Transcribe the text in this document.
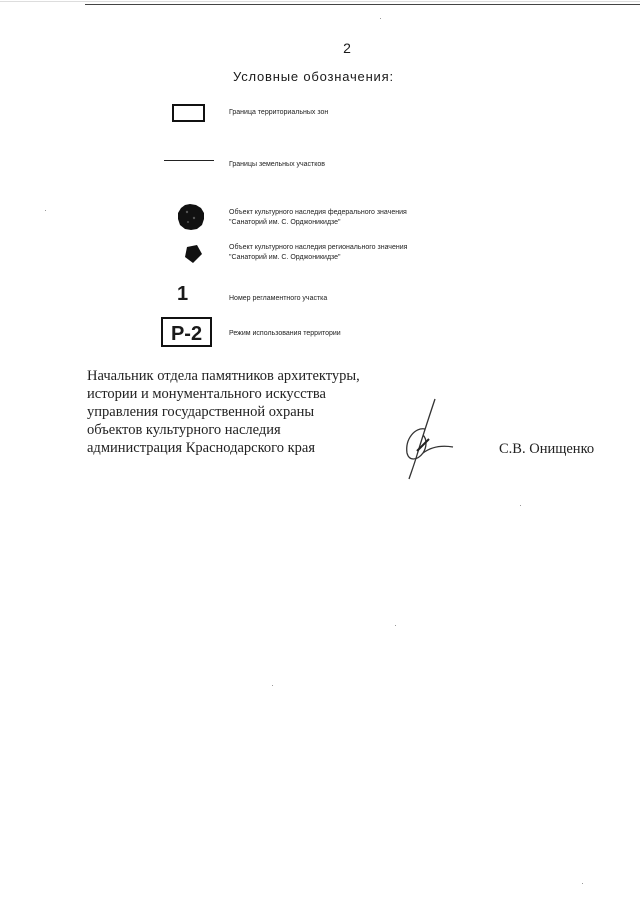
2
Условные обозначения:
Граница территориальных зон
Границы земельных участков
Объект культурного наследия федерального значения
"Санаторий им. С. Орджоникидзе"
Объект культурного наследия регионального значения
"Санаторий им. С. Орджоникидзе"
1	Номер регламентного участка
Р-2	Режим использования территории
Начальник отдела памятников архитектуры,
истории и монументального искусства
управления государственной охраны
объектов культурного наследия
администрация Краснодарского края	С.В. Онищенко
